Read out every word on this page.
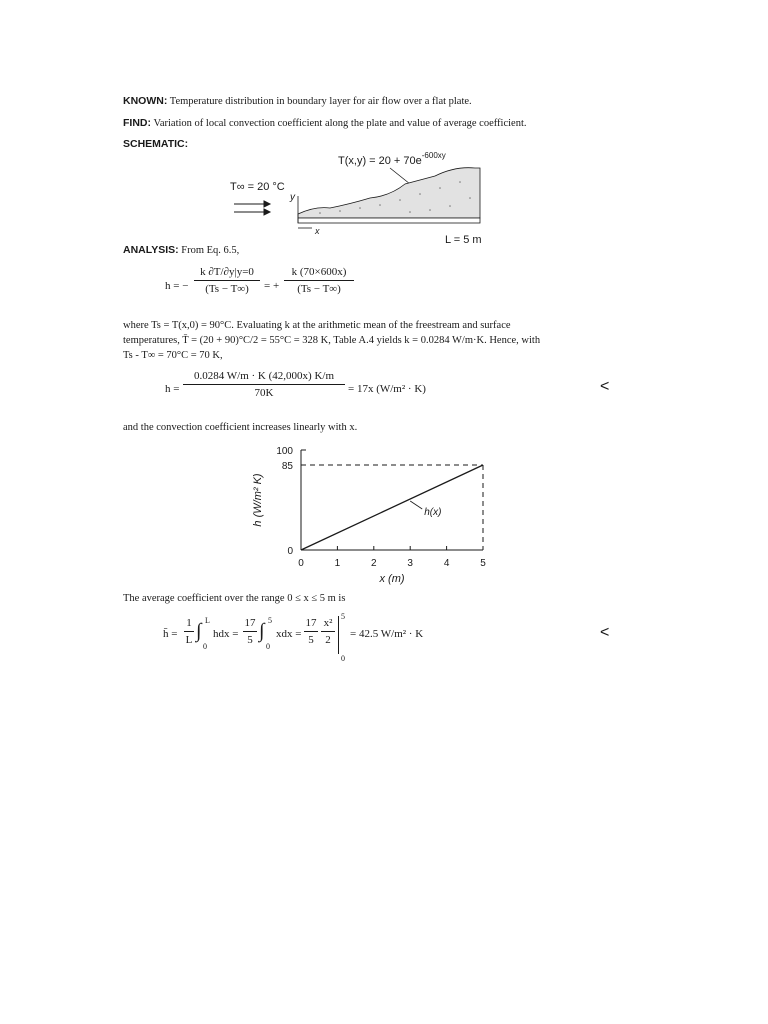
KNOWN: Temperature distribution in boundary layer for air flow over a flat plate.
FIND: Variation of local convection coefficient along the plate and value of average coefficient.
SCHEMATIC:
$T(x,y) = 20 + 70e^{-600xy}$
T∞ = 20 °C
y
x
L = 5 m
ANALYSIS: From Eq. 6.5,
h = −
k ∂T/∂y|y=0
(Ts − T∞)	= +
k (70×600x)
(Ts − T∞)
where Ts = T(x,0) = 90°C. Evaluating k at the arithmetic mean of the freestream and surface
temperatures, T̄ = (20 + 90)°C/2 = 55°C = 328 K, Table A.4 yields k = 0.0284 W/m·K. Hence, with
Ts - T∞ = 70°C = 70 K,
h =
0.0284 W/m · K (42,000x) K/m
70K	= 17x (W/m² · K)	<
and the convection coefficient increases linearly with x.
0	1	2	3	4	5
0
85
100
h(x)
x (m)
h (W/m² K)
The average coefficient over the range 0 ≤ x ≤ 5 m is
h̄ =
1
L ∫ L
0
hdx =
17
5 ∫ 5
0
xdx =
17
5
x²
2
5
0
= 42.5 W/m² · K	<
